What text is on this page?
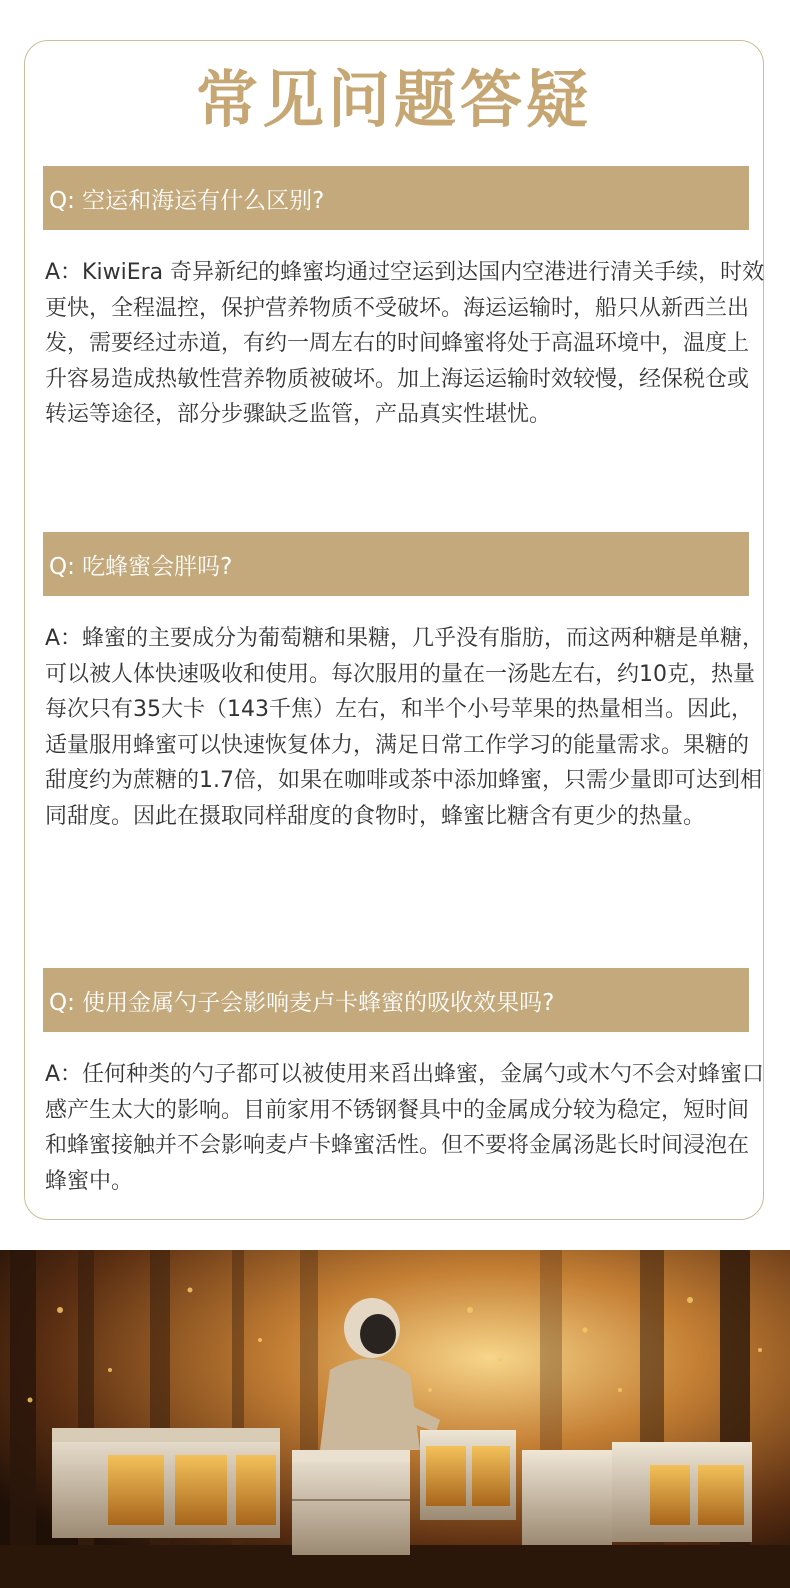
常见问题答疑
Q: 空运和海运有什么区别?

A：KiwiEra 奇异新纪的蜂蜜均通过空运到达国内空港进行清关手续，时效更快，全程温控，保护营养物质不受破坏。海运运输时，船只从新西兰出发，需要经过赤道，有约一周左右的时间蜂蜜将处于高温环境中，温度上升容易造成热敏性营养物质被破坏。加上海运运输时效较慢，经保税仓或转运等途径，部分步骤缺乏监管，产品真实性堪忧。

Q: 吃蜂蜜会胖吗?

A：蜂蜜的主要成分为葡萄糖和果糖，几乎没有脂肪，而这两种糖是单糖，可以被人体快速吸收和使用。每次服用的量在一汤匙左右，约10克，热量每次只有35大卡（143千焦）左右，和半个小号苹果的热量相当。因此，适量服用蜂蜜可以快速恢复体力，满足日常工作学习的能量需求。果糖的甜度约为蔗糖的1.7倍，如果在咖啡或茶中添加蜂蜜，只需少量即可达到相同甜度。因此在摄取同样甜度的食物时，蜂蜜比糖含有更少的热量。

Q: 使用金属勺子会影响麦卢卡蜂蜜的吸收效果吗?

A：任何种类的勺子都可以被使用来舀出蜂蜜，金属勺或木勺不会对蜂蜜口感产生太大的影响。目前家用不锈钢餐具中的金属成分较为稳定，短时间和蜂蜜接触并不会影响麦卢卡蜂蜜活性。但不要将金属汤匙长时间浸泡在蜂蜜中。
